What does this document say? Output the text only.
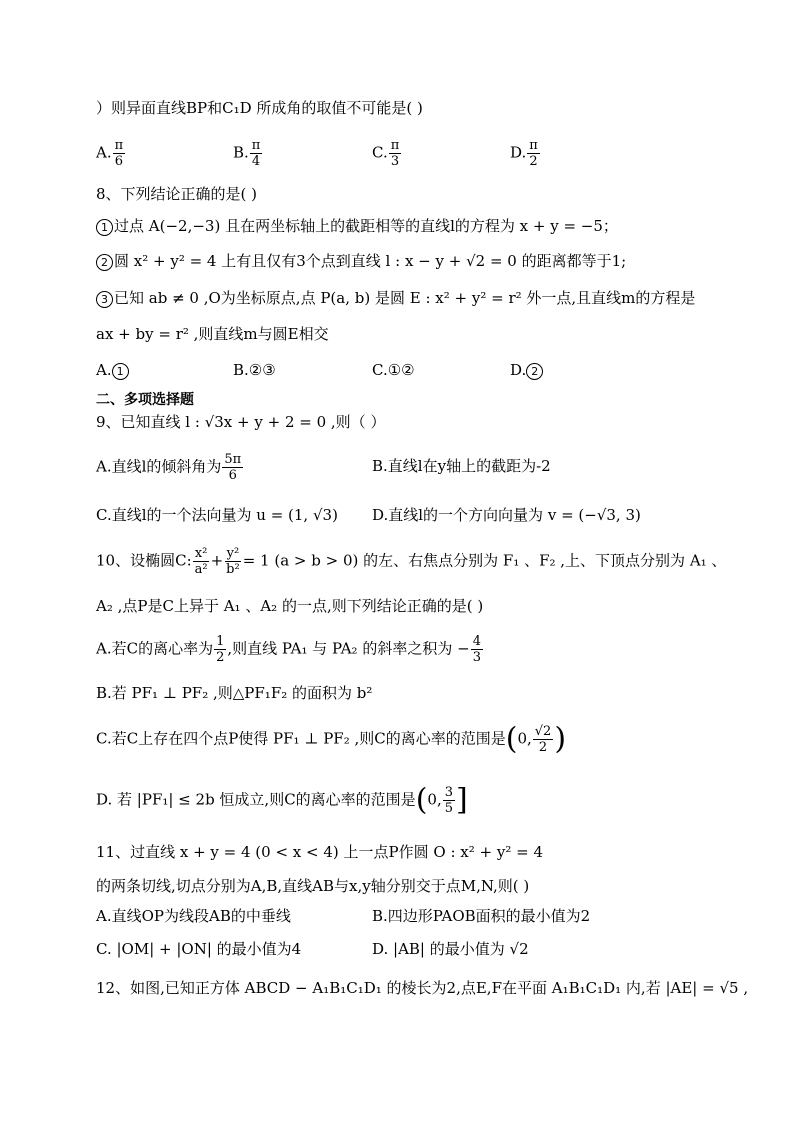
）则异面直线BP和C₁D 所成角的取值不可能是( )
A. $\frac{\pi}{6}$	B. $\frac{\pi}{4}$	C. $\frac{\pi}{3}$	D. $\frac{\pi}{2}$
8、下列结论正确的是( )
1 过点 A(−2,−3) 且在两坐标轴上的截距相等的直线l的方程为 x + y = −5；
2 圆 x² + y² = 4 上有且仅有3个点到直线 l : x − y + √2 = 0 的距离都等于1;
3 已知 ab ≠ 0 ,O为坐标原点,点 P(a, b) 是圆 E : x² + y² = r² 外一点,且直线m的方程是
ax + by = r² ,则直线m与圆E相交
A. 1	B.②③	C.①②	D. 2
二、多项选择题
9、已知直线 l : √3x + y + 2 = 0 ,则（ ）
A.直线l的倾斜角为 $\frac{5\pi}{6}$	B.直线l在y轴上的截距为-2
C.直线l的一个法向量为 u = (1, √3) D.直线l的一个方向向量为 v = (−√3, 3)
10、设椭圆C: $\frac{\text{x²}}{\text{a²}} + \frac{\text{y²}}{\text{b²}} = 1$ (a > b > 0) 的左、右焦点分别为 F₁ 、F₂ ,上、下顶点分别为 A₁ 、
A₂ ,点P是C上异于 A₁ 、A₂ 的一点,则下列结论正确的是( )
A.若C的离心率为 $\frac{1}{2}$ ,则直线 PA₁ 与 PA₂ 的斜率之积为 − $\frac{4}{3}$
B.若 PF₁ ⊥ PF₂ ,则△PF₁F₂ 的面积为 b²
C.若C上存在四个点P使得 PF₁ ⊥ PF₂ ,则C的离心率的范围是(0, $\frac{√2}{2}$ )
D. 若 |PF₁| ≤ 2b 恒成立,则C的离心率的范围是(0, $\frac{3}{5}$ ]
11、过直线 x + y = 4 (0 < x < 4) 上一点P作圆 O : x² + y² = 4
的两条切线,切点分别为A,B,直线AB与x,y轴分别交于点M,N,则( )
A.直线OP为线段AB的中垂线	B.四边形PAOB面积的最小值为2
C. |OM| + |ON| 的最小值为4	D. |AB| 的最小值为 √2
12、如图,已知正方体 ABCD − A₁B₁C₁D₁ 的棱长为2,点E,F在平面 A₁B₁C₁D₁ 内,若 |AE| = √5 ,
